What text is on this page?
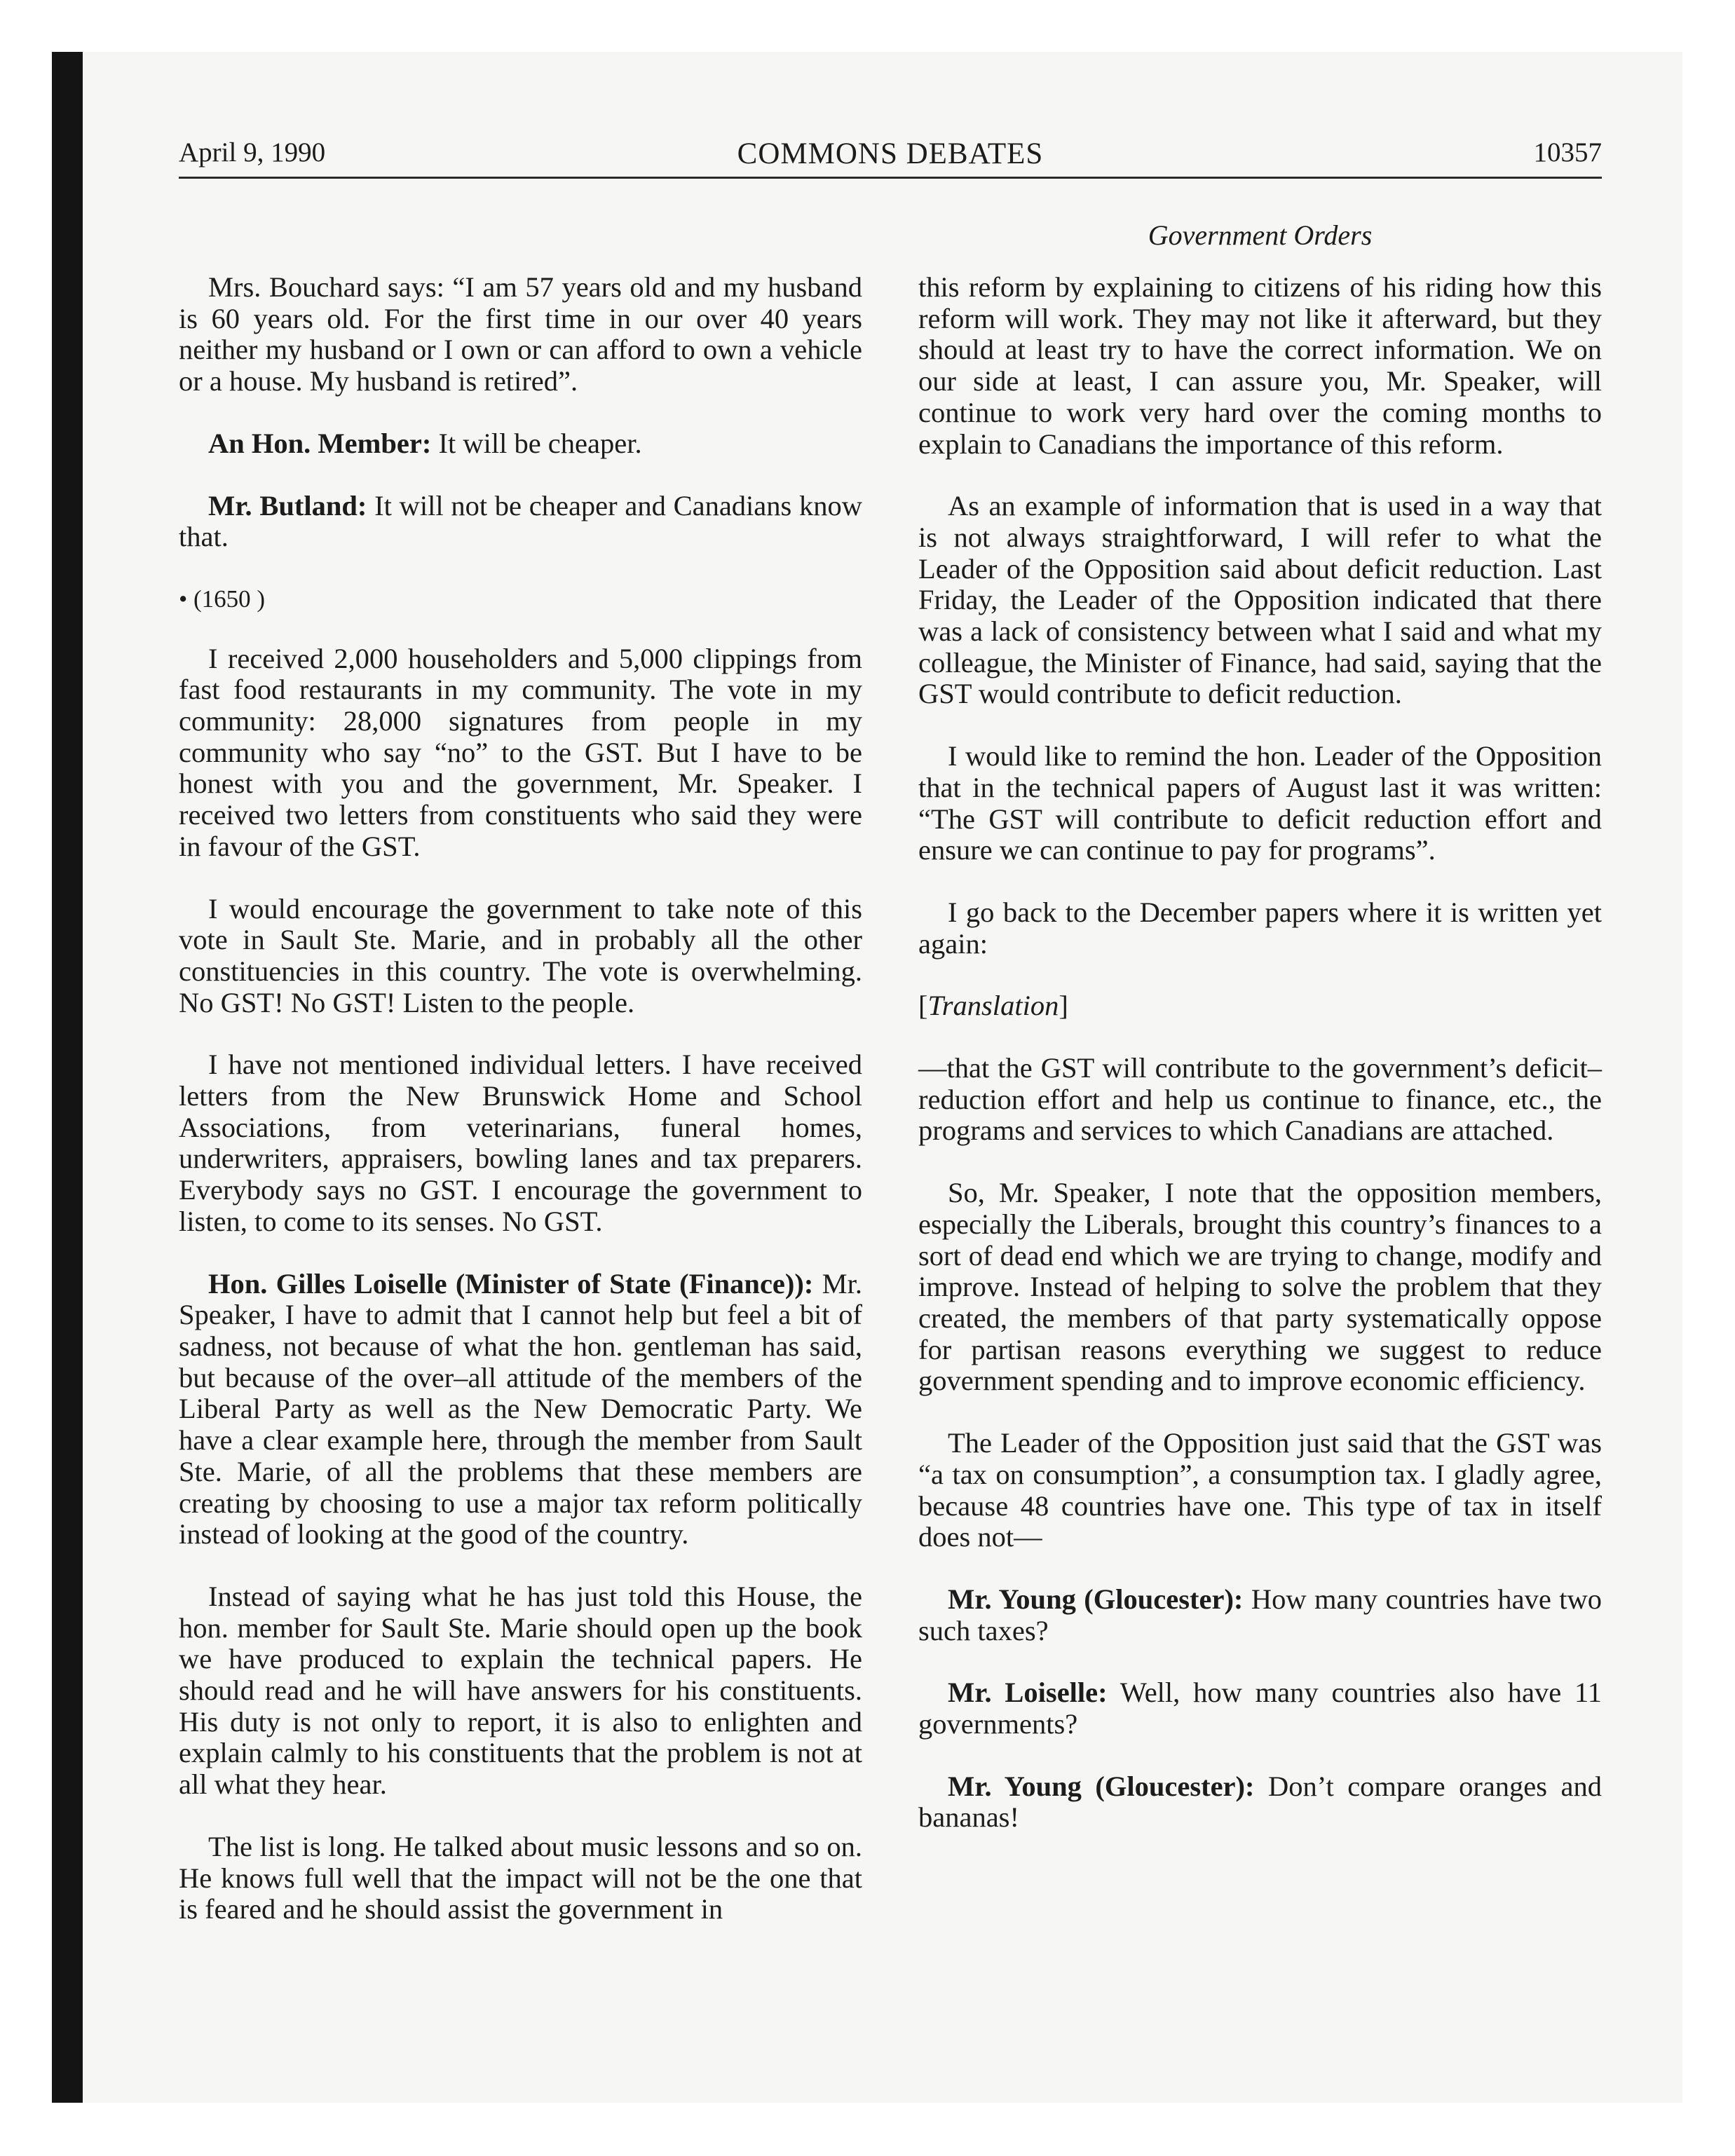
April 9, 1990	COMMONS DEBATES	10357
Government Orders

Mrs. Bouchard says: “I am 57 years old and my husband is 60 years old. For the first time in our over 40 years neither my husband or I own or can afford to own a vehicle or a house. My husband is retired”.

An Hon. Member: It will be cheaper.

Mr. Butland: It will not be cheaper and Canadians know that.

• (1650 )

I received 2,000 householders and 5,000 clippings from fast food restaurants in my community. The vote in my community: 28,000 signatures from people in my community who say “no” to the GST. But I have to be honest with you and the government, Mr. Speaker. I received two letters from constituents who said they were in favour of the GST.

I would encourage the government to take note of this vote in Sault Ste. Marie, and in probably all the other constituencies in this country. The vote is overwhelming. No GST! No GST! Listen to the people.

I have not mentioned individual letters. I have received letters from the New Brunswick Home and School Associations, from veterinarians, funeral homes, underwriters, appraisers, bowling lanes and tax preparers. Everybody says no GST. I encourage the government to listen, to come to its senses. No GST.

Hon. Gilles Loiselle (Minister of State (Finance)): Mr. Speaker, I have to admit that I cannot help but feel a bit of sadness, not because of what the hon. gentleman has said, but because of the over–all attitude of the members of the Liberal Party as well as the New Democratic Party. We have a clear example here, through the member from Sault Ste. Marie, of all the problems that these members are creating by choosing to use a major tax reform politically instead of looking at the good of the country.

Instead of saying what he has just told this House, the hon. member for Sault Ste. Marie should open up the book we have produced to explain the technical papers. He should read and he will have answers for his constituents. His duty is not only to report, it is also to enlighten and explain calmly to his constituents that the problem is not at all what they hear.

The list is long. He talked about music lessons and so on. He knows full well that the impact will not be the one that is feared and he should assist the government in

this reform by explaining to citizens of his riding how this reform will work. They may not like it afterward, but they should at least try to have the correct information. We on our side at least, I can assure you, Mr. Speaker, will continue to work very hard over the coming months to explain to Canadians the importance of this reform.

As an example of information that is used in a way that is not always straightforward, I will refer to what the Leader of the Opposition said about deficit reduction. Last Friday, the Leader of the Opposition indicated that there was a lack of consistency between what I said and what my colleague, the Minister of Finance, had said, saying that the GST would contribute to deficit reduction.

I would like to remind the hon. Leader of the Opposition that in the technical papers of August last it was written: “The GST will contribute to deficit reduction effort and ensure we can continue to pay for programs”.

I go back to the December papers where it is written yet again:

[Translation]

—that the GST will contribute to the government’s deficit–reduction effort and help us continue to finance, etc., the programs and services to which Canadians are attached.

So, Mr. Speaker, I note that the opposition members, especially the Liberals, brought this country’s finances to a sort of dead end which we are trying to change, modify and improve. Instead of helping to solve the problem that they created, the members of that party systematically oppose for partisan reasons everything we suggest to reduce government spending and to improve economic efficiency.

The Leader of the Opposition just said that the GST was “a tax on consumption”, a consumption tax. I gladly agree, because 48 countries have one. This type of tax in itself does not—

Mr. Young (Gloucester): How many countries have two such taxes?

Mr. Loiselle: Well, how many countries also have 11 governments?

Mr. Young (Gloucester): Don’t compare oranges and bananas!
